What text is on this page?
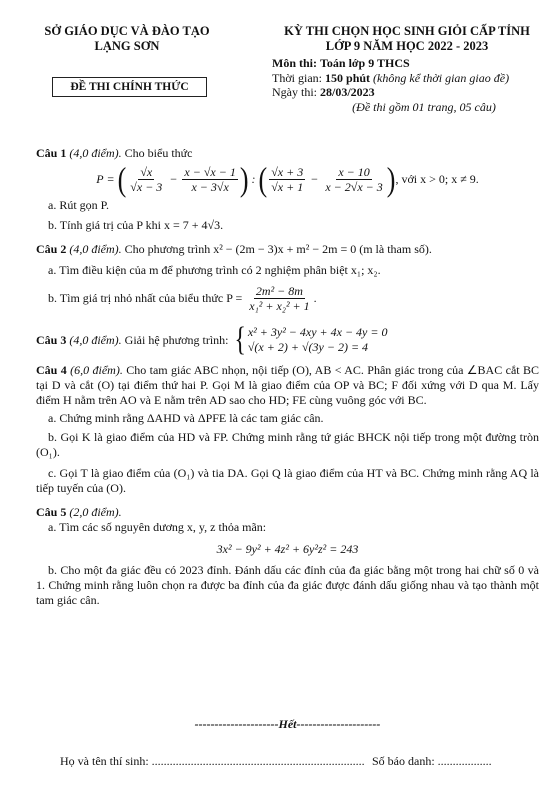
SỞ GIÁO DỤC VÀ ĐÀO TẠO
LẠNG SƠN
KỲ THI CHỌN HỌC SINH GIỎI CẤP TỈNH
LỚP 9 NĂM HỌC 2022 - 2023
ĐỀ THI CHÍNH THỨC
Môn thi: Toán lớp 9 THCS
Thời gian: 150 phút (không kể thời gian giao đề)
Ngày thi: 28/03/2023
(Đề thi gồm 01 trang, 05 câu)

Câu 1 (4,0 điểm). Cho biểu thức

P = ( $\frac{√x}{√x - 3} - \frac{x - √x - 1}{x - 3√x}$ ) : ( $\frac{√x + 3}{√x + 1} - \frac{x - 10}{x - 2√x - 3}$ ) , với x > 0; x ≠ 9.

a. Rút gọn P.

b. Tính giá trị của P khi x = 7 + 4√3.

Câu 2 (4,0 điểm). Cho phương trình x² − (2m − 3)x + m² − 2m = 0 (m là tham số).

a. Tìm điều kiện của m để phương trình có 2 nghiệm phân biệt x₁; x₂.

b. Tìm giá trị nhỏ nhất của biểu thức P =
$\frac{\text{2m² − 8m}}{\text{x₁² + x₂² + 1}}$ .

Câu 3
(4,0 điểm).
Giải hệ phương trình:
{ x² + 3y² − 4xy + 4x − 4y = 0
√(x + 2) + √(3y − 2) = 4

Câu 4 (6,0 điểm). Cho tam giác ABC nhọn, nội tiếp (O), AB < AC. Phân giác trong của ∠BAC cắt BC tại D và cắt (O) tại điểm thứ hai P. Gọi M là giao điểm của OP và BC; F đối xứng với D qua M. Lấy điểm H nằm trên AO và E nằm trên AD sao cho HD; FE cùng vuông góc với BC.

a. Chứng minh rằng ΔAHD và ΔPFE là các tam giác cân.

b. Gọi K là giao điểm của HD và FP. Chứng minh rằng tứ giác BHCK nội tiếp trong một đường tròn (O₁).

c. Gọi T là giao điểm của (O₁) và tia DA. Gọi Q là giao điểm của HT và BC. Chứng minh rằng AQ là tiếp tuyến của (O).

Câu 5 (2,0 điểm).

a. Tìm các số nguyên dương x, y, z thỏa mãn:

3x² − 9y² + 4z² + 6y²z² = 243

b. Cho một đa giác đều có 2023 đỉnh. Đánh dấu các đỉnh của đa giác bằng một trong hai chữ số 0 và 1. Chứng minh rằng luôn chọn ra được ba đỉnh của đa giác được đánh dấu giống nhau và tạo thành một tam giác cân.

---------------------Hết---------------------
Họ và tên thí sinh: ....................................................................... Số báo danh: ..................
